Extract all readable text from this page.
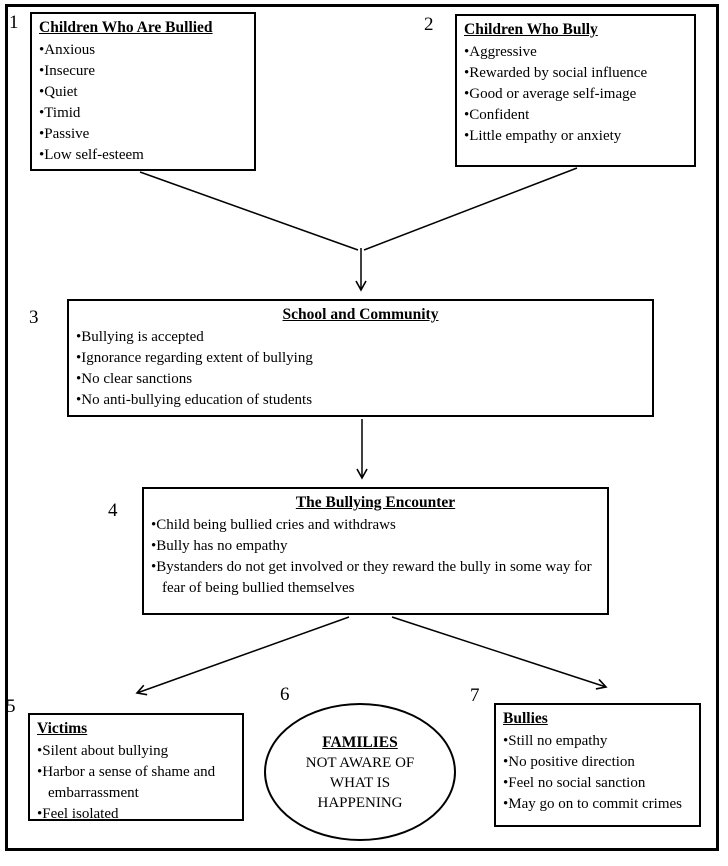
1	2
3
4
5
6	7
Children Who Are Bullied
• Anxious
• Insecure
• Quiet
• Timid
• Passive
• Low self-esteem
Children Who Bully
• Aggressive
• Rewarded by social influence
• Good or average self-image
• Confident
• Little empathy or anxiety
School and Community
• Bullying is accepted
• Ignorance regarding extent of bullying
• No clear sanctions
• No anti-bullying education of students
The Bullying Encounter
• Child being bullied cries and withdraws
• Bully has no empathy
• Bystanders do not get involved or they reward the bully in some way for fear of being bullied themselves
Victims
• Silent about bullying
• Harbor a sense of shame and embarrassment
• Feel isolated
FAMILIES
NOT AWARE OF
WHAT IS
HAPPENING
Bullies
• Still no empathy
• No positive direction
• Feel no social sanction
• May go on to commit crimes
